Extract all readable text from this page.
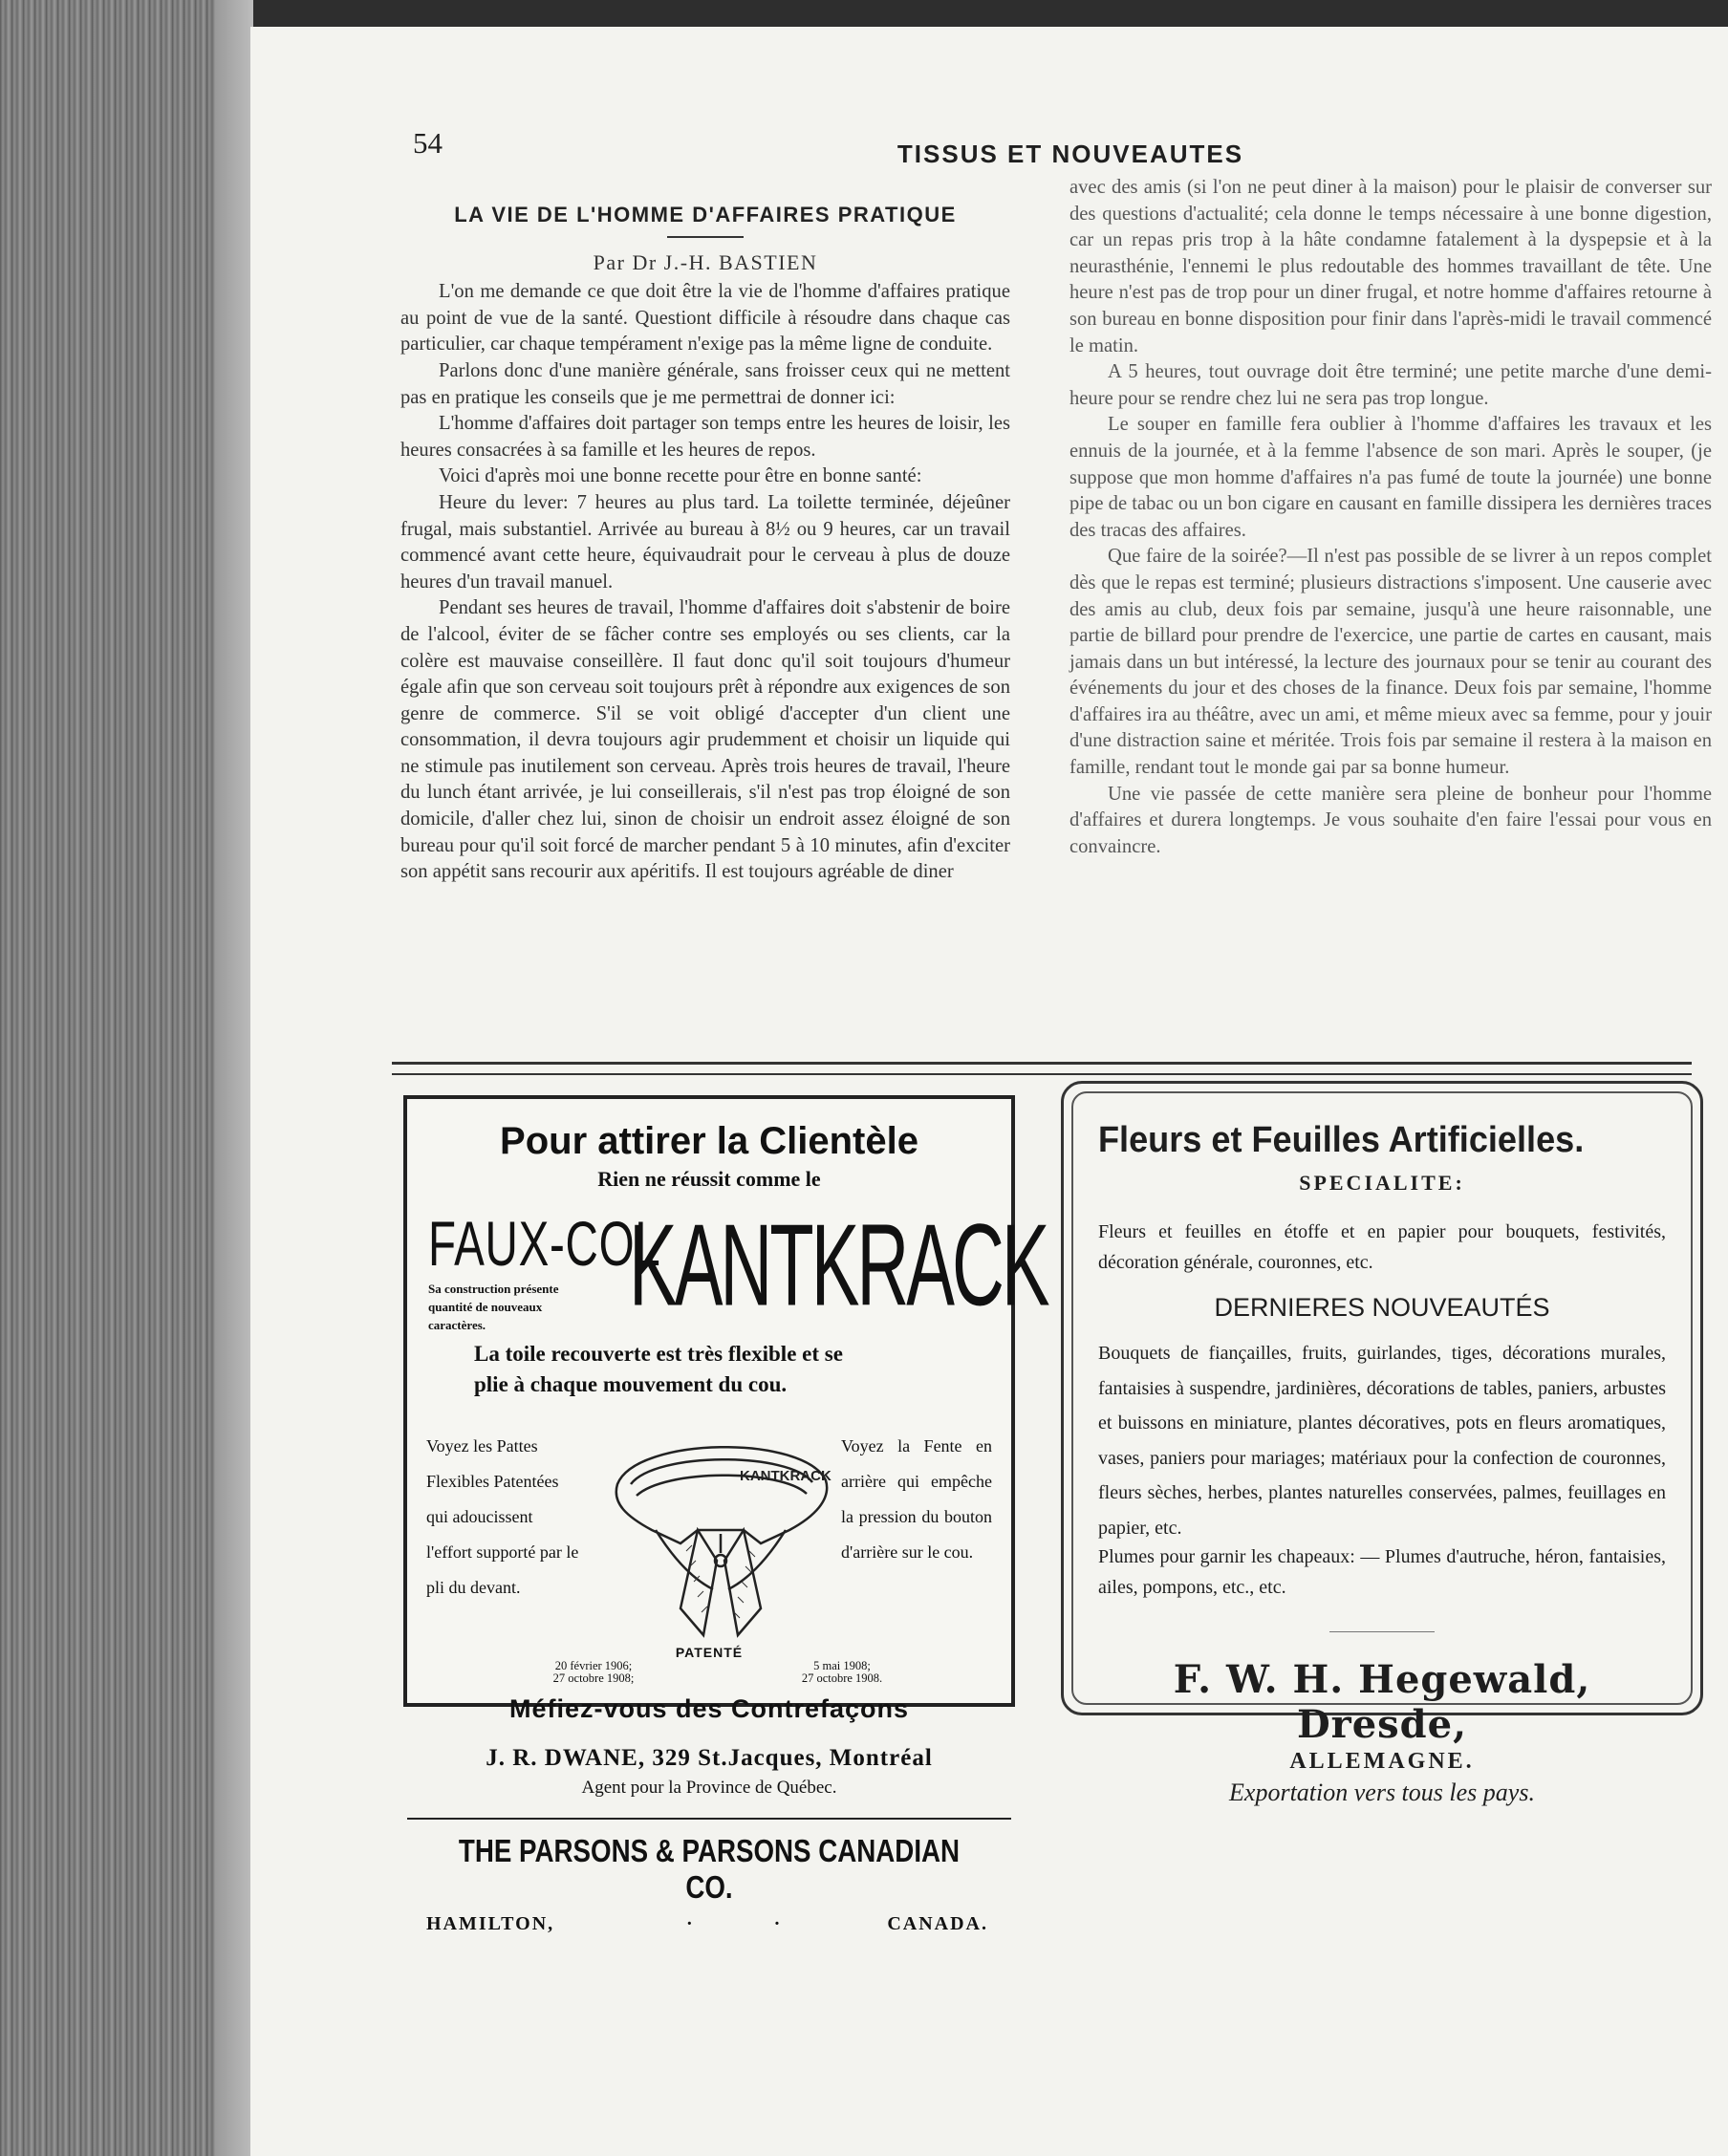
54	TISSUS ET NOUVEAUTES
LA VIE DE L'HOMME D'AFFAIRES PRATIQUE
Par Dr J.-H. BASTIEN

L'on me demande ce que doit être la vie de l'homme d'affaires pratique au point de vue de la santé. Questiont difficile à résoudre dans chaque cas particulier, car chaque tempérament n'exige pas la même ligne de conduite.

Parlons donc d'une manière générale, sans froisser ceux qui ne mettent pas en pratique les conseils que je me permettrai de donner ici:

L'homme d'affaires doit partager son temps entre les heures de loisir, les heures consacrées à sa famille et les heures de repos.

Voici d'après moi une bonne recette pour être en bonne santé:

Heure du lever: 7 heures au plus tard. La toilette terminée, déjeûner frugal, mais substantiel. Arrivée au bureau à 8½ ou 9 heures, car un travail commencé avant cette heure, équivaudrait pour le cerveau à plus de douze heures d'un travail manuel.

Pendant ses heures de travail, l'homme d'affaires doit s'abstenir de boire de l'alcool, éviter de se fâcher contre ses employés ou ses clients, car la colère est mauvaise conseillère. Il faut donc qu'il soit toujours d'humeur égale afin que son cerveau soit toujours prêt à répondre aux exigences de son genre de commerce. S'il se voit obligé d'accepter d'un client une consommation, il devra toujours agir prudemment et choisir un liquide qui ne stimule pas inutilement son cerveau. Après trois heures de travail, l'heure du lunch étant arrivée, je lui conseillerais, s'il n'est pas trop éloigné de son domicile, d'aller chez lui, sinon de choisir un endroit assez éloigné de son bureau pour qu'il soit forcé de marcher pendant 5 à 10 minutes, afin d'exciter son appétit sans recourir aux apéritifs. Il est toujours agréable de diner

avec des amis (si l'on ne peut diner à la maison) pour le plaisir de converser sur des questions d'actualité; cela donne le temps nécessaire à une bonne digestion, car un repas pris trop à la hâte condamne fatalement à la dyspepsie et à la neurasthénie, l'ennemi le plus redoutable des hommes travaillant de tête. Une heure n'est pas de trop pour un diner frugal, et notre homme d'affaires retourne à son bureau en bonne disposition pour finir dans l'après-midi le travail commencé le matin.

A 5 heures, tout ouvrage doit être terminé; une petite marche d'une demi-heure pour se rendre chez lui ne sera pas trop longue.

Le souper en famille fera oublier à l'homme d'affaires les travaux et les ennuis de la journée, et à la femme l'absence de son mari. Après le souper, (je suppose que mon homme d'affaires n'a pas fumé de toute la journée) une bonne pipe de tabac ou un bon cigare en causant en famille dissipera les dernières traces des tracas des affaires.

Que faire de la soirée?—Il n'est pas possible de se livrer à un repos complet dès que le repas est terminé; plusieurs distractions s'imposent. Une causerie avec des amis au club, deux fois par semaine, jusqu'à une heure raisonnable, une partie de billard pour prendre de l'exercice, une partie de cartes en causant, mais jamais dans un but intéressé, la lecture des journaux pour se tenir au courant des événements du jour et des choses de la finance. Deux fois par semaine, l'homme d'affaires ira au théâtre, avec un ami, et même mieux avec sa femme, pour y jouir d'une distraction saine et méritée. Trois fois par semaine il restera à la maison en famille, rendant tout le monde gai par sa bonne humeur.

Une vie passée de cette manière sera pleine de bonheur pour l'homme d'affaires et durera longtemps. Je vous souhaite d'en faire l'essai pour vous en convaincre.

Pour attirer la Clientèle
Rien ne réussit comme le
FAUX-COL
KANTKRACK
Sa construction présente quantité de nouveaux caractères.
La toile recouverte est très flexible et se
plie à chaque mouvement du cou.
Voyez les Pattes Flexibles Patentées qui adoucissent l'effort supporté par le pli du devant.
KANTKRACK
Voyez la Fente en arrière qui empêche la pression du bouton d'arrière sur le cou.
PATENTÉ
20 février 1906;
27 octobre 1908;
5 mai 1908;
27 octobre 1908.
Méfiez-vous des Contrefaçons
J. R. DWANE, 329 St.Jacques, Montréal
Agent pour la Province de Québec.
THE PARSONS & PARSONS CANADIAN CO.
HAMILTON,	· ·	CANADA.
Fleurs et Feuilles Artificielles.
SPECIALITE:
Fleurs et feuilles en étoffe et en papier pour bouquets, festivités, décoration générale, couronnes, etc.
DERNIERES NOUVEAUTÉS
Bouquets de fiançailles, fruits, guirlandes, tiges, décorations murales, fantaisies à suspendre, jardinières, décorations de tables, paniers, arbustes et buissons en miniature, plantes décoratives, pots en fleurs aromatiques, vases, paniers pour mariages; matériaux pour la confection de couronnes, fleurs sèches, herbes, plantes naturelles conservées, palmes, feuillages en papier, etc.
Plumes pour garnir les chapeaux: — Plumes d'autruche, héron, fantaisies, ailes, pompons, etc., etc.
F. W. H. Hegewald, Dresde,
ALLEMAGNE.
Exportation vers tous les pays.
